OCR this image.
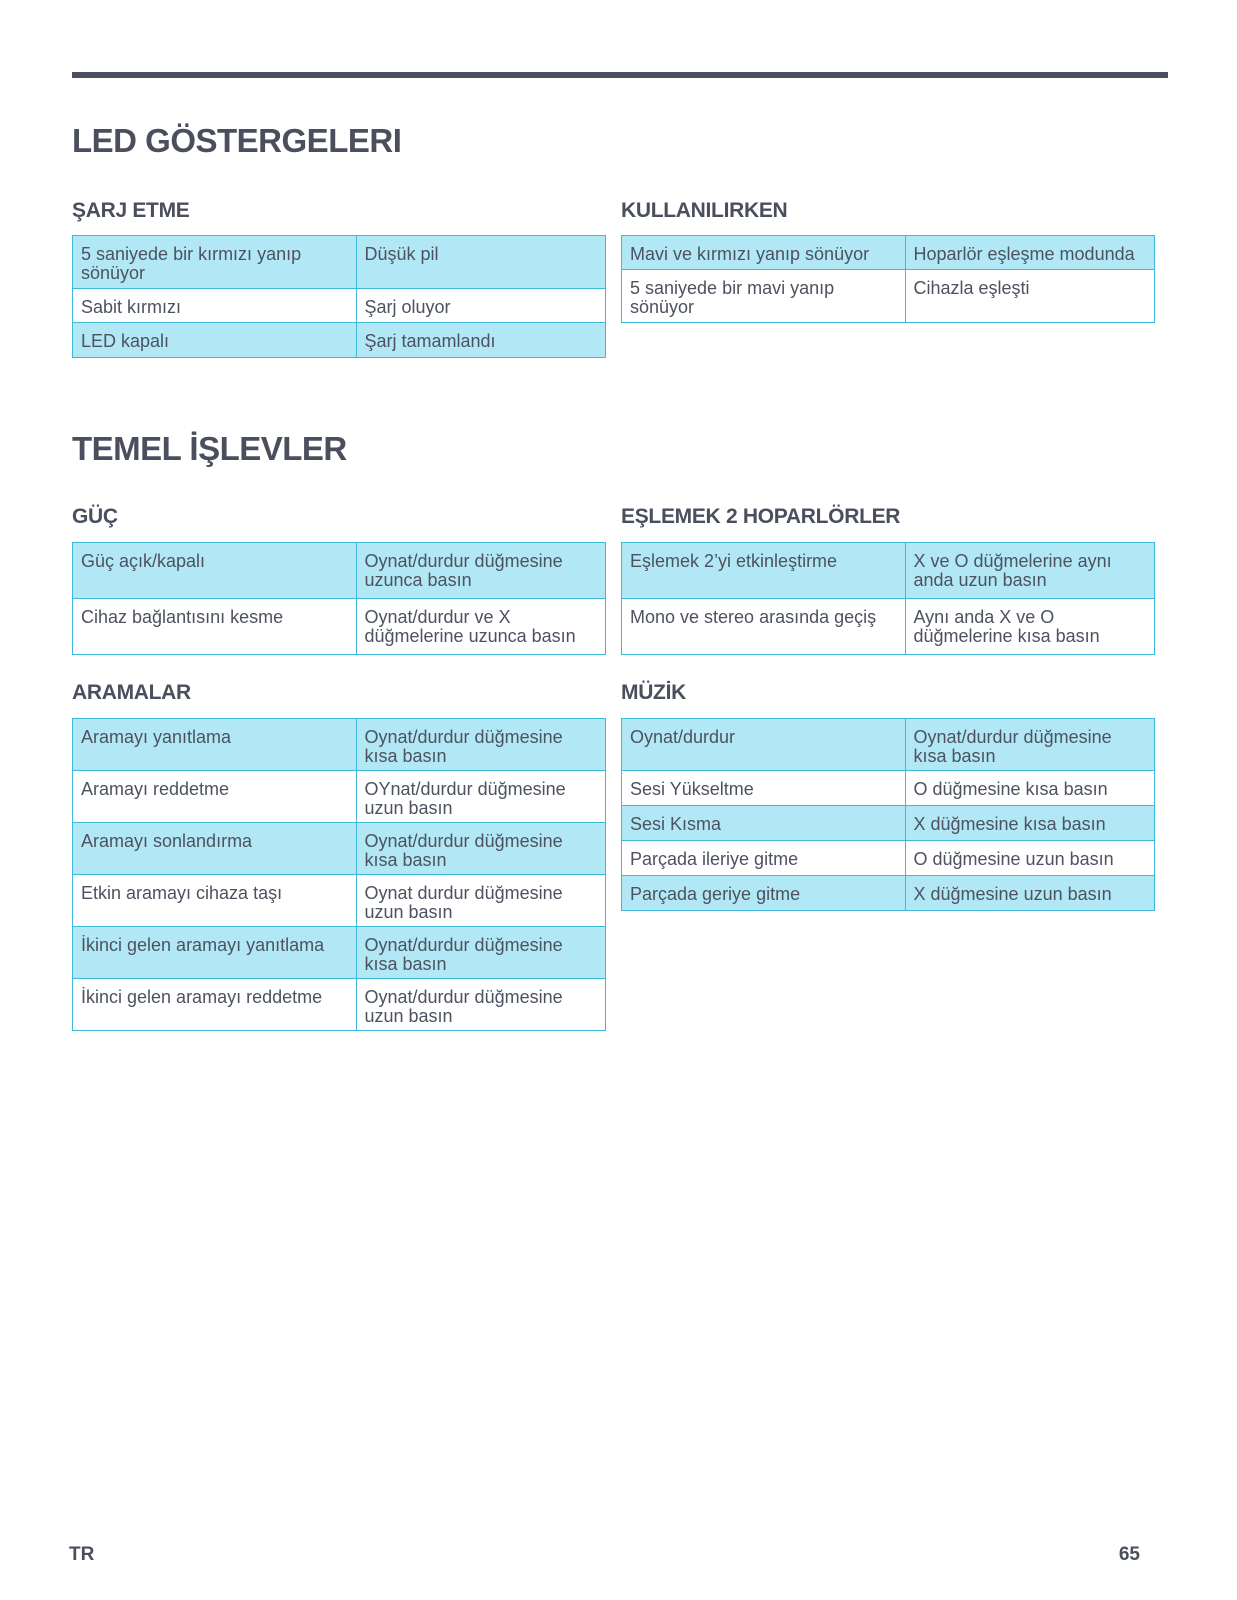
LED GÖSTERGELERI
ŞARJ ETME
5 saniyede bir kırmızı yanıp sönüyor	Düşük pil
Sabit kırmızı	Şarj oluyor
LED kapalı	Şarj tamamlandı
KULLANILIRKEN
Mavi ve kırmızı yanıp sönüyor	Hoparlör eşleşme modunda
5 saniyede bir mavi yanıp sönüyor	Cihazla eşleşti
TEMEL İŞLEVLER
GÜÇ
Güç açık/kapalı	Oynat/durdur düğmesine uzunca basın
Cihaz bağlantısını kesme	Oynat/durdur ve X düğmelerine uzunca basın
EŞLEMEK 2 HOPARLÖRLER
Eşlemek 2’yi etkinleştirme	X ve O düğmelerine aynı anda uzun basın
Mono ve stereo arasında geçiş	Aynı anda X ve O düğmelerine kısa basın
ARAMALAR
Aramayı yanıtlama	Oynat/durdur düğmesine kısa basın
Aramayı reddetme	OYnat/durdur düğmesine uzun basın
Aramayı sonlandırma	Oynat/durdur düğmesine kısa basın
Etkin aramayı cihaza taşı	Oynat durdur düğmesine uzun basın
İkinci gelen aramayı yanıtlama	Oynat/durdur düğmesine kısa basın
İkinci gelen aramayı reddetme	Oynat/durdur düğmesine uzun basın
MÜZİK
Oynat/durdur	Oynat/durdur düğmesine kısa basın
Sesi Yükseltme	O düğmesine kısa basın
Sesi Kısma	X düğmesine kısa basın
Parçada ileriye gitme	O düğmesine uzun basın
Parçada geriye gitme	X düğmesine uzun basın
TR	65
